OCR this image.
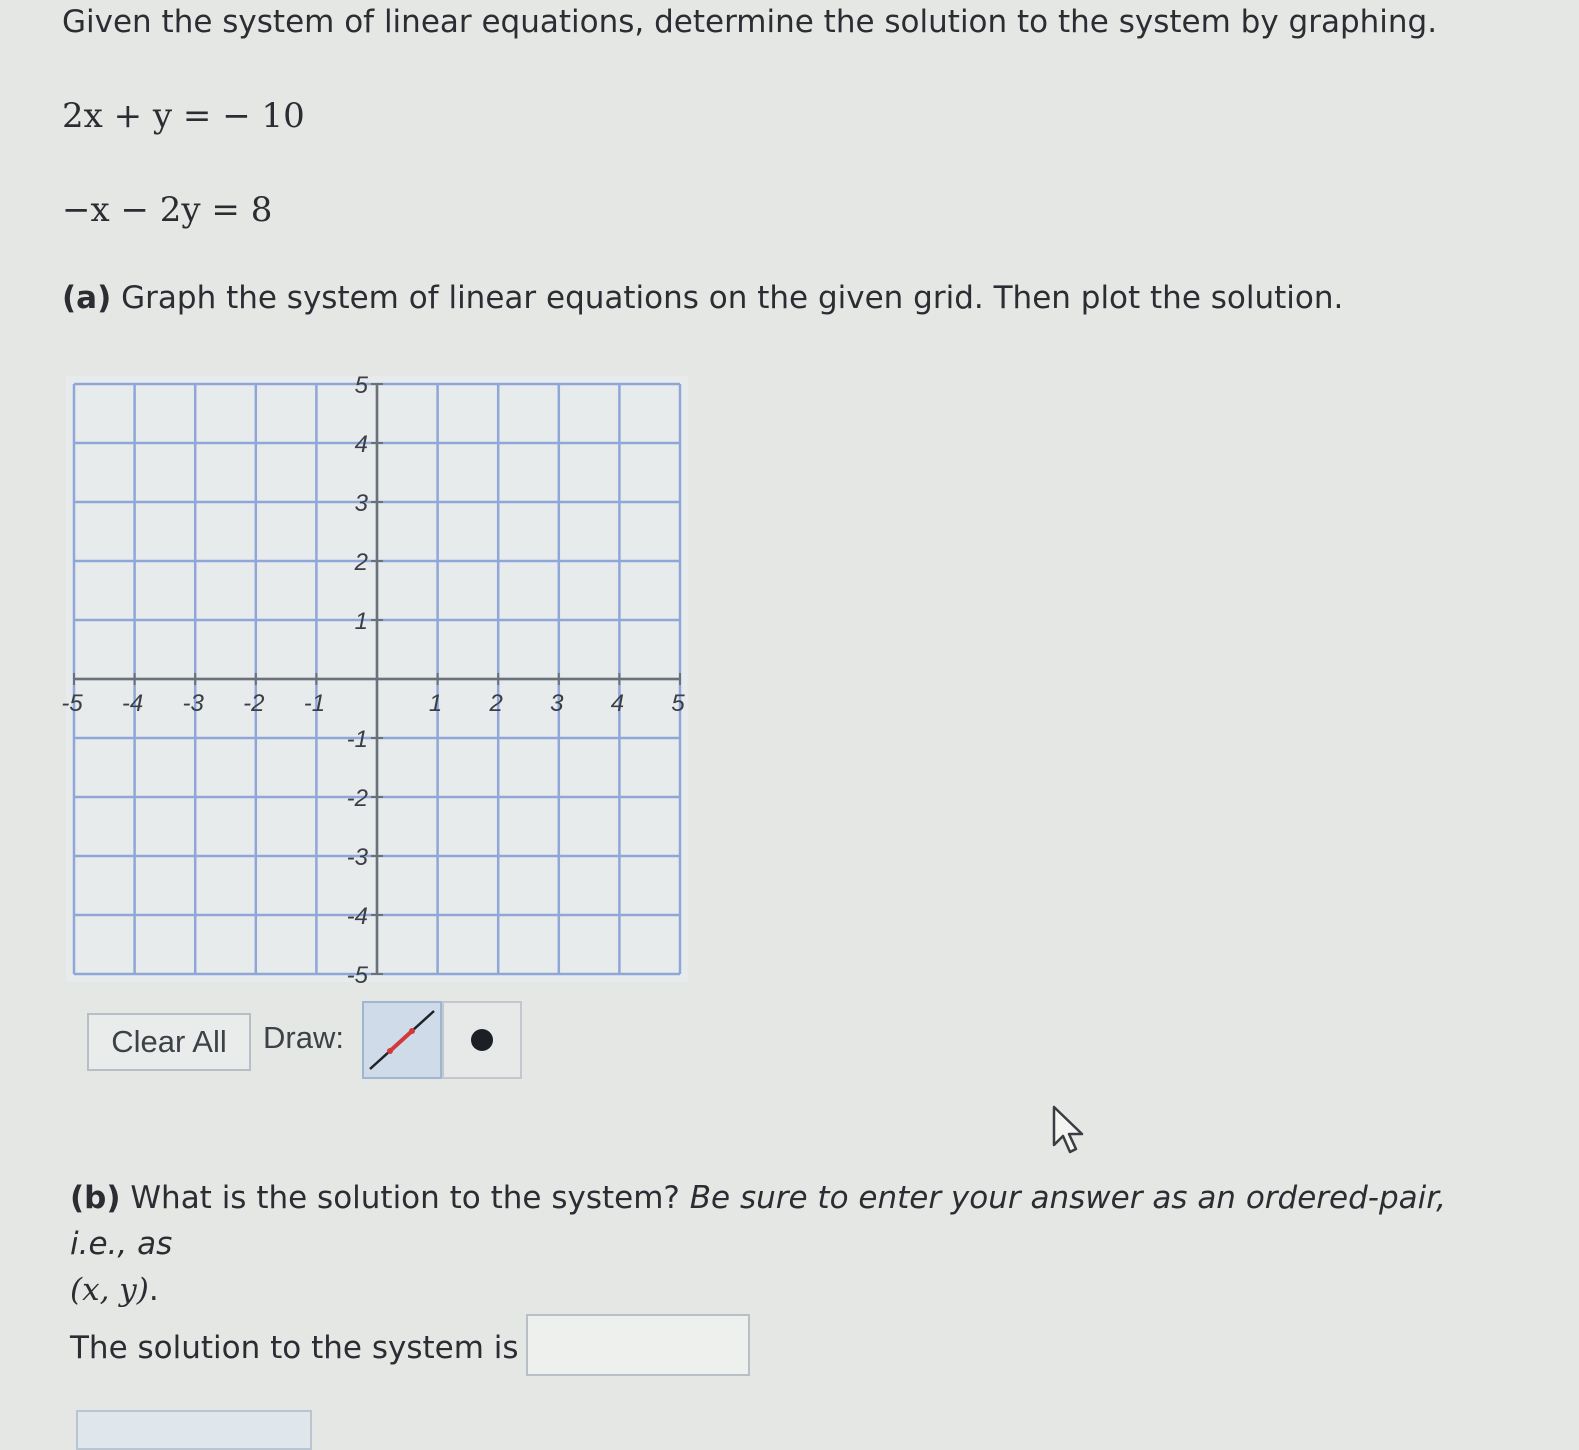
Given the system of linear equations, determine the solution to the system by graphing.
2x + y = − 10
−x − 2y = 8
(a) Graph the system of linear equations on the given grid. Then plot the solution.
-5 -4 -3 -2 -1	1 2 3 4 5
5
4
3
2
1
-1
-2
-3
-4
-5
Clear All	Draw:
(b) What is the solution to the system? Be sure to enter your answer as an ordered-pair, i.e., as
(x, y).
The solution to the system is
